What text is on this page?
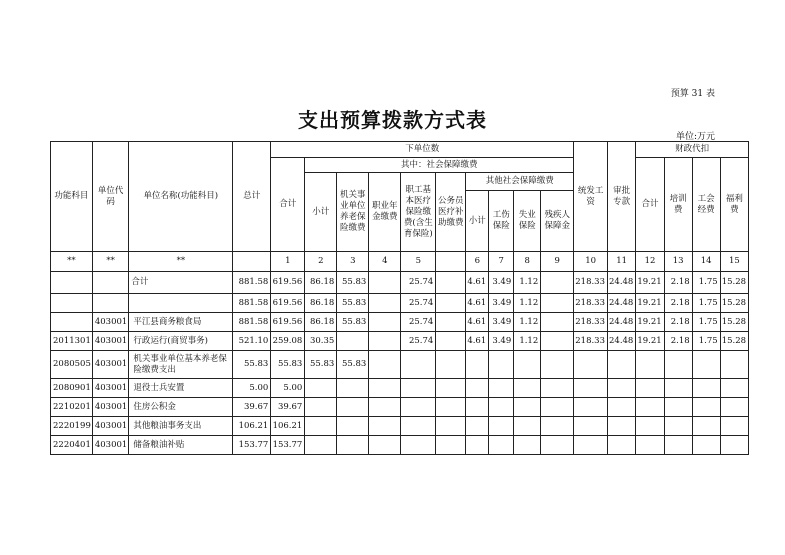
预算 31 表
支出预算拨款方式表
单位:万元
功能科目	单位代码	单位名称(功能科目)	总计	下单位数										统发工资	审批专款	财政代扣			
				合计	其中：社会保障缴费											合计	培训费	工会经费	福利费
					小计	机关事业单位养老保险缴费	职业年金缴费	职工基本医疗保险缴费(含生育保险)	公务员医疗补助缴费	其他社会保障缴费									
										小计	工伤保险	失业保险	残疾人保障金						
**	**	**		1	2	3	4	5		6	7	8	9	10	11	12	13	14	15
		合计	881.58	619.56	86.18	55.83		25.74		4.61	3.49	1.12		218.33	24.48	19.21	2.18	1.75	15.28
			881.58	619.56	86.18	55.83		25.74		4.61	3.49	1.12		218.33	24.48	19.21	2.18	1.75	15.28
	403001	平江县商务粮食局	881.58	619.56	86.18	55.83		25.74		4.61	3.49	1.12		218.33	24.48	19.21	2.18	1.75	15.28
2011301	403001	行政运行(商贸事务)	521.10	259.08	30.35			25.74		4.61	3.49	1.12		218.33	24.48	19.21	2.18	1.75	15.28
2080505	403001	机关事业单位基本养老保险缴费支出	55.83	55.83	55.83	55.83													
2080901	403001	退役士兵安置	5.00	5.00															
2210201	403001	住房公积金	39.67	39.67															
2220199	403001	其他粮油事务支出	106.21	106.21															
2220401	403001	储备粮油补贴	153.77	153.77															
